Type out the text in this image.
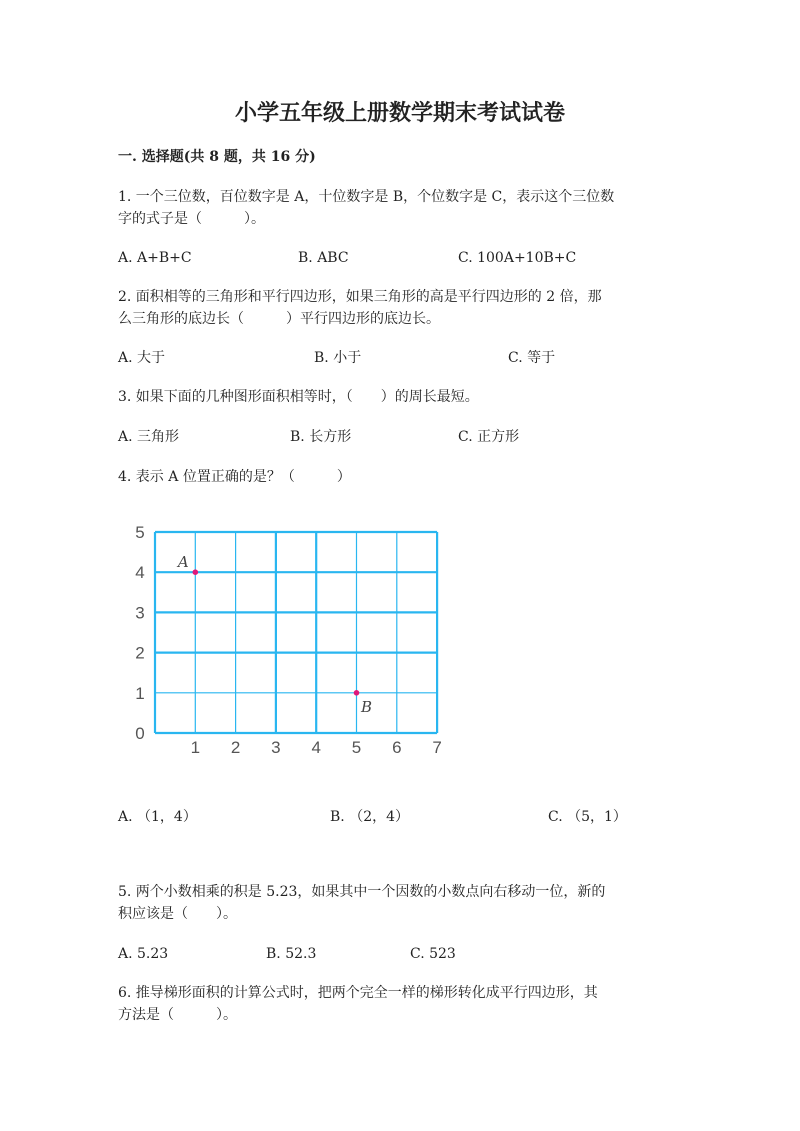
小学五年级上册数学期末考试试卷
一. 选择题(共 8 题，共 16 分)
1. 一个三位数，百位数字是 A，十位数字是 B，个位数字是 C，表示这个三位数
字的式子是（　　　）。
A. A+B+C	B. ABC	C. 100A+10B+C
2. 面积相等的三角形和平行四边形，如果三角形的高是平行四边形的 2 倍，那
么三角形的底边长（　　　）平行四边形的底边长。
A. 大于	B. 小于	C. 等于
3. 如果下面的几种图形面积相等时，（　　）的周长最短。
A. 三角形	B. 长方形	C. 正方形
4. 表示 A 位置正确的是？（　　　）
1 2 3 4 5 6 7
0
1
2
3
4
5
A
B
A. （1，4）	B. （2，4）	C. （5，1）
5. 两个小数相乘的积是 5.23，如果其中一个因数的小数点向右移动一位，新的
积应该是（　　）。
A. 5.23	B. 52.3	C. 523
6. 推导梯形面积的计算公式时，把两个完全一样的梯形转化成平行四边形，其
方法是（　　　）。
